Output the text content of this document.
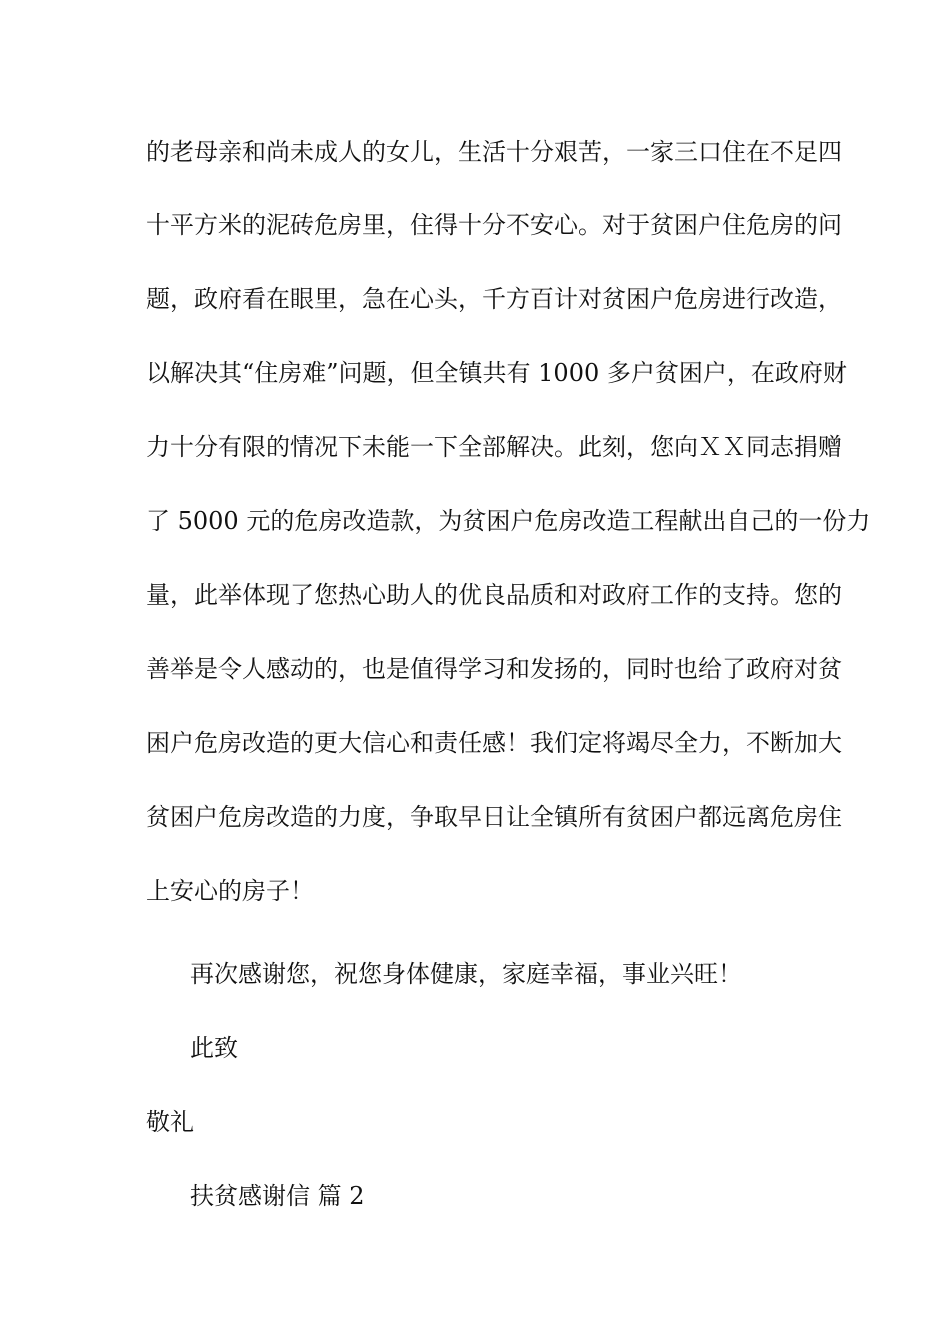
的老母亲和尚未成人的女儿，生活十分艰苦，一家三口住在不足四
十平方米的泥砖危房里，住得十分不安心。对于贫困户住危房的问
题，政府看在眼里，急在心头，千方百计对贫困户危房进行改造，
以解决其“住房难”问题，但全镇共有 1000 多户贫困户，在政府财
力十分有限的情况下未能一下全部解决。此刻，您向ＸＸ同志捐赠
了 5000 元的危房改造款，为贫困户危房改造工程献出自己的一份力
量，此举体现了您热心助人的优良品质和对政府工作的支持。您的
善举是令人感动的，也是值得学习和发扬的，同时也给了政府对贫
困户危房改造的更大信心和责任感！我们定将竭尽全力，不断加大
贫困户危房改造的力度，争取早日让全镇所有贫困户都远离危房住
上安心的房子！
再次感谢您，祝您身体健康，家庭幸福，事业兴旺！
此致
敬礼
扶贫感谢信 篇 2
